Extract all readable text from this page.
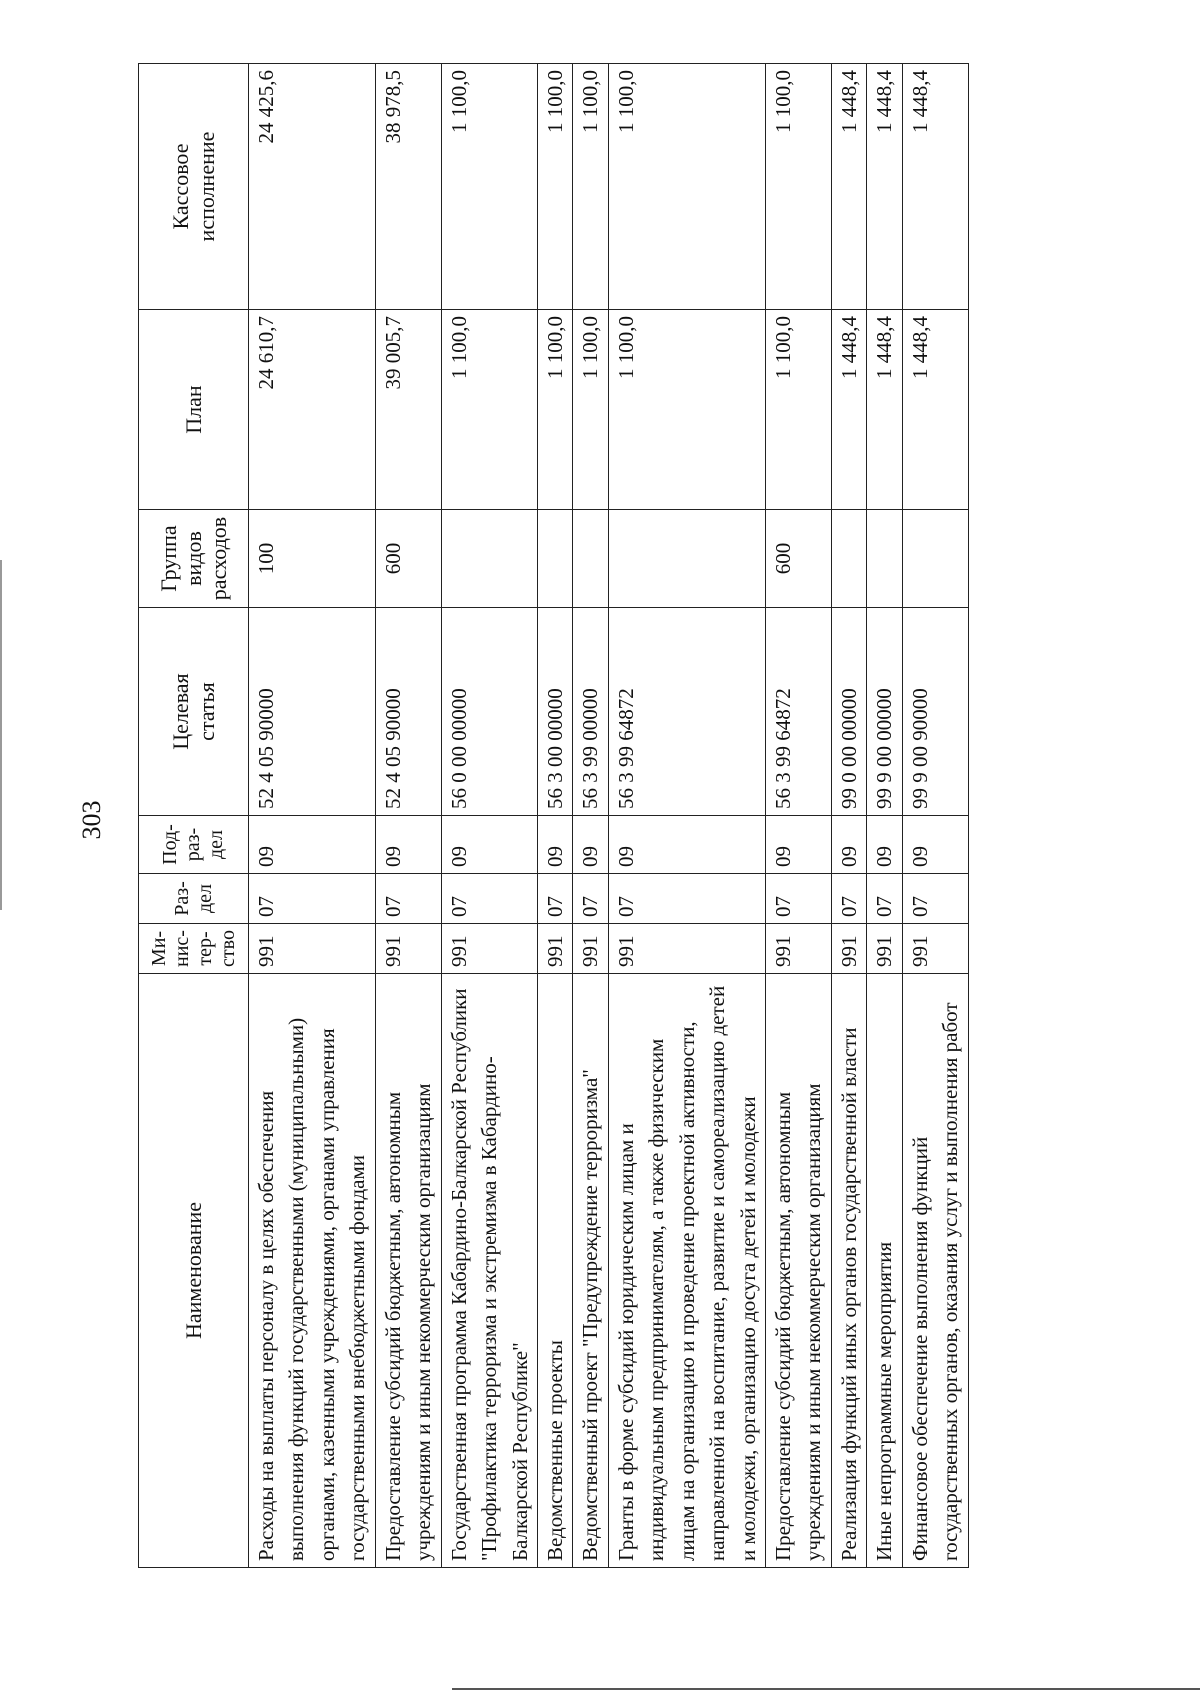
303
Наименование	Ми-
нис-
тер-
ство	Раз-
дел	Под-
раз-
дел	Целевая
статья	Группа
видов
расходов	План	Кассовое
исполнение
Расходы на выплаты персоналу в целях обеспечения выполнения функций государственными (муниципальными) органами, казенными учреждениями, органами управления государственными внебюджетными фондами	991	07	09	52 4 05 90000	100	24 610,7	24 425,6
Предоставление субсидий бюджетным, автономным учреждениям и иным некоммерческим организациям	991	07	09	52 4 05 90000	600	39 005,7	38 978,5
Государственная программа Кабардино-Балкарской Республики "Профилактика терроризма и экстремизма в Кабардино-Балкарской Республике"	991	07	09	56 0 00 00000		1 100,0	1 100,0
Ведомственные проекты	991	07	09	56 3 00 00000		1 100,0	1 100,0
Ведомственный проект "Предупреждение терроризма"	991	07	09	56 3 99 00000		1 100,0	1 100,0
Гранты в форме субсидий юридическим лицам и индивидуальным предпринимателям, а также физическим лицам на организацию и проведение проектной активности, направленной на воспитание, развитие и самореализацию детей и молодежи, организацию досуга детей и молодежи	991	07	09	56 3 99 64872		1 100,0	1 100,0
Предоставление субсидий бюджетным, автономным учреждениям и иным некоммерческим организациям	991	07	09	56 3 99 64872	600	1 100,0	1 100,0
Реализация функций иных органов государственной власти	991	07	09	99 0 00 00000		1 448,4	1 448,4
Иные непрограммные мероприятия	991	07	09	99 9 00 00000		1 448,4	1 448,4
Финансовое обеспечение выполнения функций государственных органов, оказания услуг и выполнения работ	991	07	09	99 9 00 90000		1 448,4	1 448,4
